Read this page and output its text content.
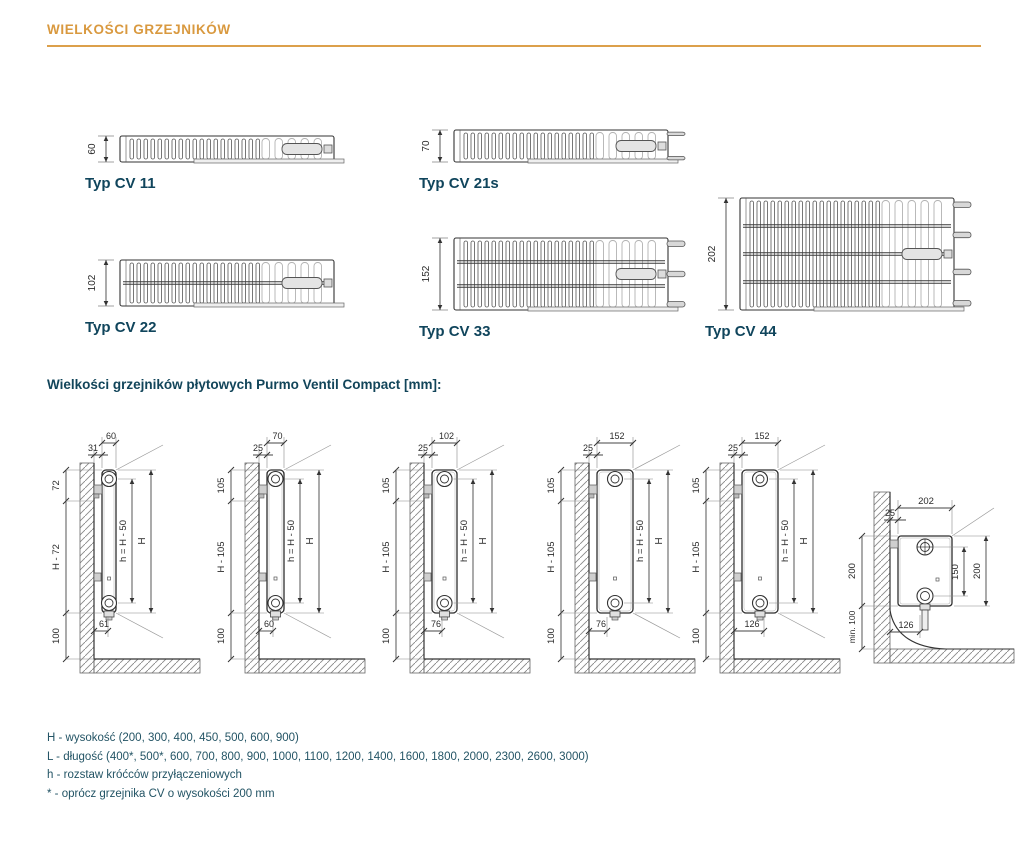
WIELKOŚCI GRZEJNIKÓW
60
Typ CV 11
70
Typ CV 21s
102
Typ CV 22
152
Typ CV 33
202
Typ CV 44
Wielkości grzejników płytowych Purmo Ventil Compact [mm]:
72
H - 72
100
31
60
h = H - 50 H
61
105
H - 105
100
25
70
h = H - 50 H
60
105
H - 105
100
25
102
h = H - 50 H
76
105
H - 105
100
25
152
h = H - 50 H
76
105
H - 105
100
25
152
h = H - 50 H
126
25
202
150 200
200
min. 100	126
H - wysokość (200, 300, 400, 450, 500, 600, 900)
L - długość (400*, 500*, 600, 700, 800, 900, 1000, 1100, 1200, 1400, 1600, 1800, 2000, 2300, 2600, 3000)
h - rozstaw króćców przyłączeniowych
* - oprócz grzejnika CV o wysokości 200 mm
